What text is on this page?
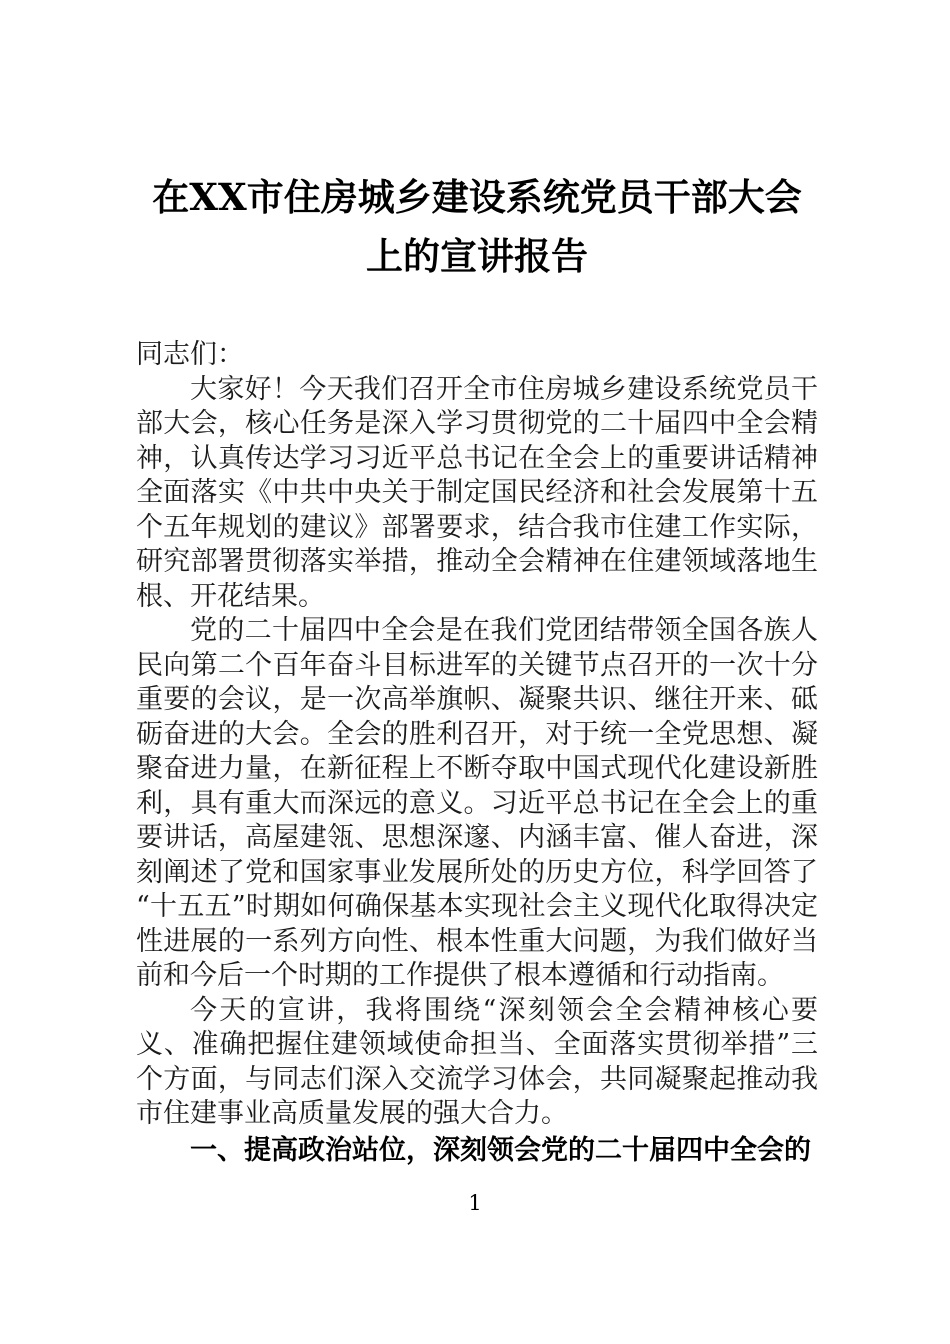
在XX市住房城乡建设系统党员干部大会上的宣讲报告

同志们：

大家好！今天我们召开全市住房城乡建设系统党员干部大会，核心任务是深入学习贯彻党的二十届四中全会精神，认真传达学习习近平总书记在全会上的重要讲话精神全面落实《中共中央关于制定国民经济和社会发展第十五个五年规划的建议》部署要求，结合我市住建工作实际，研究部署贯彻落实举措，推动全会精神在住建领域落地生根、开花结果。

党的二十届四中全会是在我们党团结带领全国各族人民向第二个百年奋斗目标进军的关键节点召开的一次十分重要的会议，是一次高举旗帜、凝聚共识、继往开来、砥砺奋进的大会。全会的胜利召开，对于统一全党思想、凝聚奋进力量，在新征程上不断夺取中国式现代化建设新胜利，具有重大而深远的意义。习近平总书记在全会上的重要讲话，高屋建瓴、思想深邃、内涵丰富、催人奋进，深刻阐述了党和国家事业发展所处的历史方位，科学回答了“十五五”时期如何确保基本实现社会主义现代化取得决定性进展的一系列方向性、根本性重大问题，为我们做好当前和今后一个时期的工作提供了根本遵循和行动指南。

今天的宣讲，我将围绕“深刻领会全会精神核心要义、准确把握住建领域使命担当、全面落实贯彻举措”三个方面，与同志们深入交流学习体会，共同凝聚起推动我市住建事业高质量发展的强大合力。

一、提高政治站位，深刻领会党的二十届四中全会的

1
